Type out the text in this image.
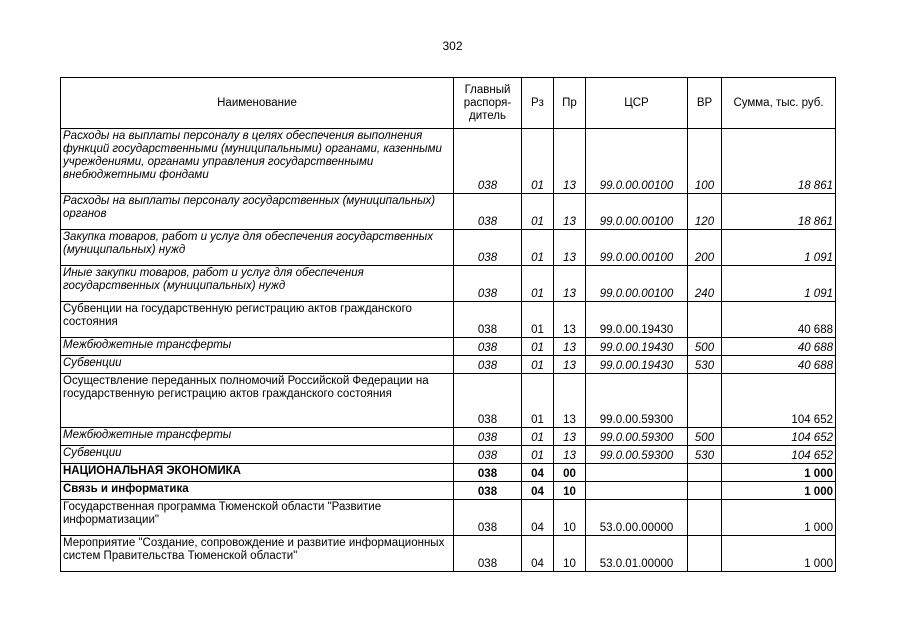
302
Наименование	Главный распоря-дитель	Рз	Пр	ЦСР	ВР	Сумма, тыс. руб.
Расходы на выплаты персоналу в целях обеспечения выполнения функций государственными (муниципальными) органами, казенными учреждениями, органами управления государственными внебюджетными фондами	038	01	13	99.0.00.00100	100	18 861
Расходы на выплаты персоналу государственных (муниципальных) органов	038	01	13	99.0.00.00100	120	18 861
Закупка товаров, работ и услуг для обеспечения государственных (муниципальных) нужд	038	01	13	99.0.00.00100	200	1 091
Иные закупки товаров, работ и услуг для обеспечения государственных (муниципальных) нужд	038	01	13	99.0.00.00100	240	1 091
Субвенции на государственную регистрацию актов гражданского состояния	038	01	13	99.0.00.19430		40 688
Межбюджетные трансферты	038	01	13	99.0.00.19430	500	40 688
Субвенции	038	01	13	99.0.00.19430	530	40 688
Осуществление переданных полномочий Российской Федерации на государственную регистрацию актов гражданского состояния	038	01	13	99.0.00.59300		104 652
Межбюджетные трансферты	038	01	13	99.0.00.59300	500	104 652
Субвенции	038	01	13	99.0.00.59300	530	104 652
НАЦИОНАЛЬНАЯ ЭКОНОМИКА	038	04	00			1 000
Связь и информатика	038	04	10			1 000
Государственная программа Тюменской области "Развитие информатизации"	038	04	10	53.0.00.00000		1 000
Мероприятие "Создание, сопровождение и развитие информационных систем Правительства Тюменской области"	038	04	10	53.0.01.00000		1 000
